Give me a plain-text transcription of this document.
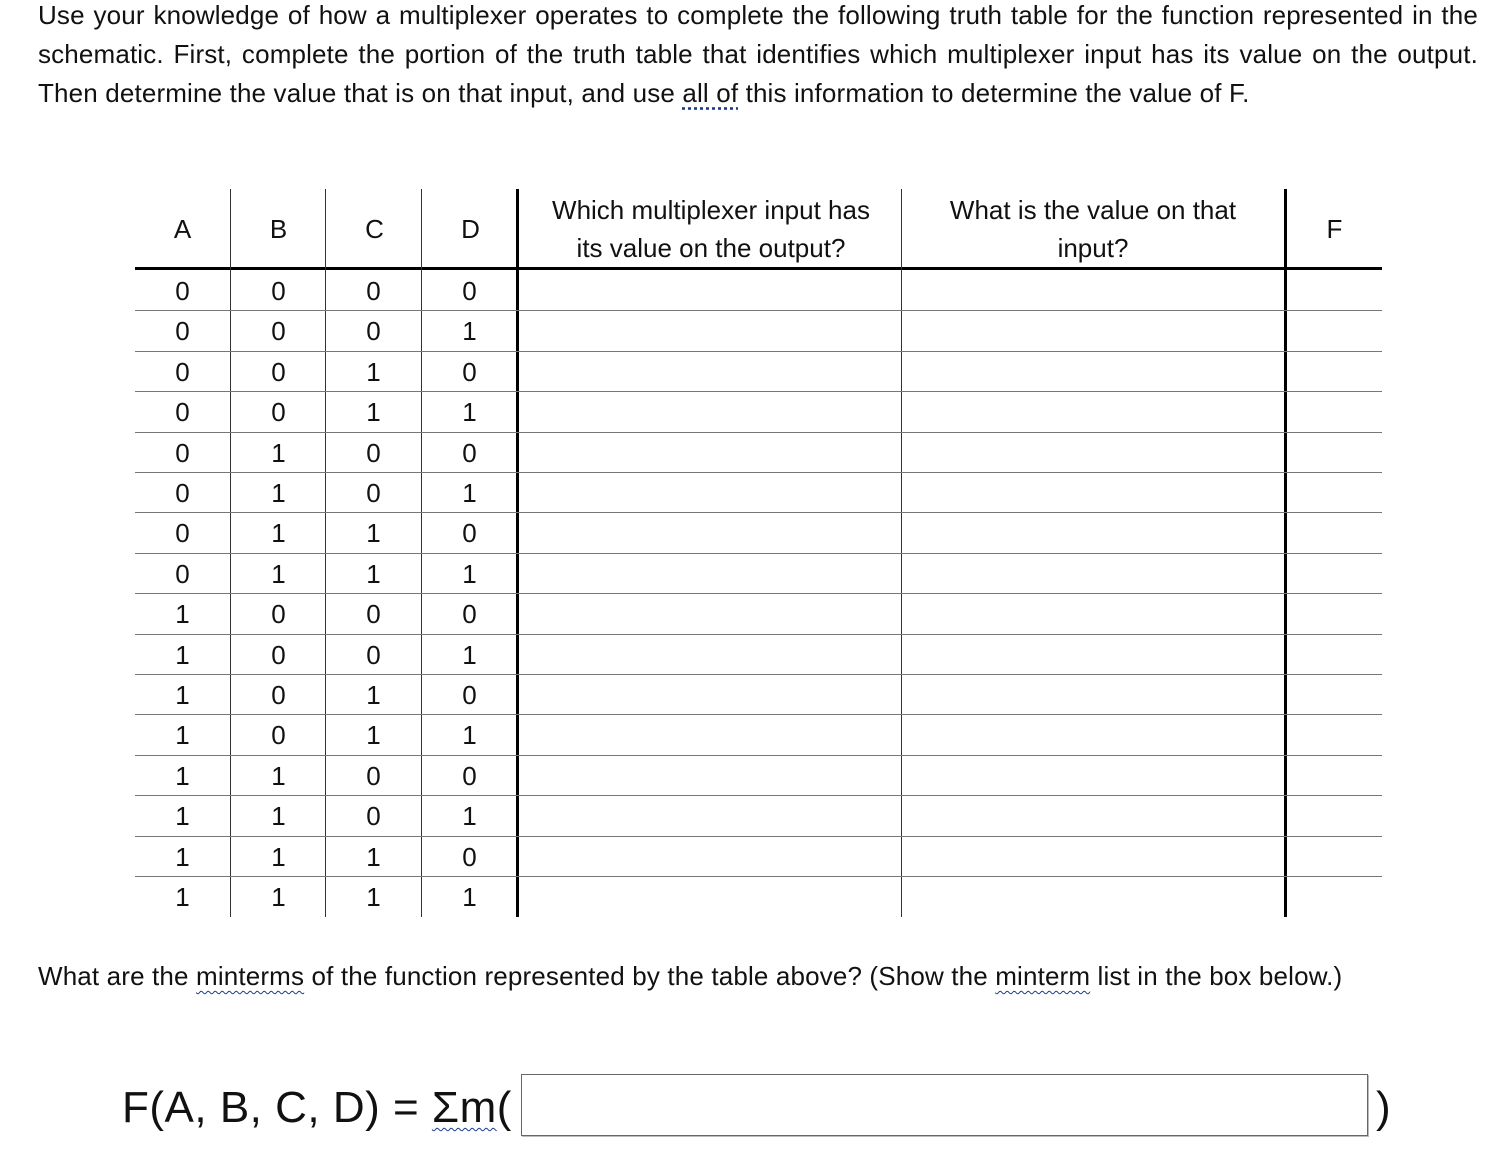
Use your knowledge of how a multiplexer operates to complete the following truth table for the function represented in the schematic. First, complete the portion of the truth table that identifies which multiplexer input has its value on the output. Then determine the value that is on that input, and use all of this information to determine the value of F.
A	B	C	D
Which multiplexer input has
its value on the output?
What is the value on that
input?
F
0	0	0	0
0	0	0	1
0	0	1	0
0	0	1	1
0	1	0	0
0	1	0	1
0	1	1	0
0	1	1	1
1	0	0	0
1	0	0	1
1	0	1	0
1	0	1	1
1	1	0	0
1	1	0	1
1	1	1	0
1	1	1	1
What are the minterms of the function represented by the table above? (Show the minterm list in the box below.)
F(A, B, C, D) = Σm(	)
